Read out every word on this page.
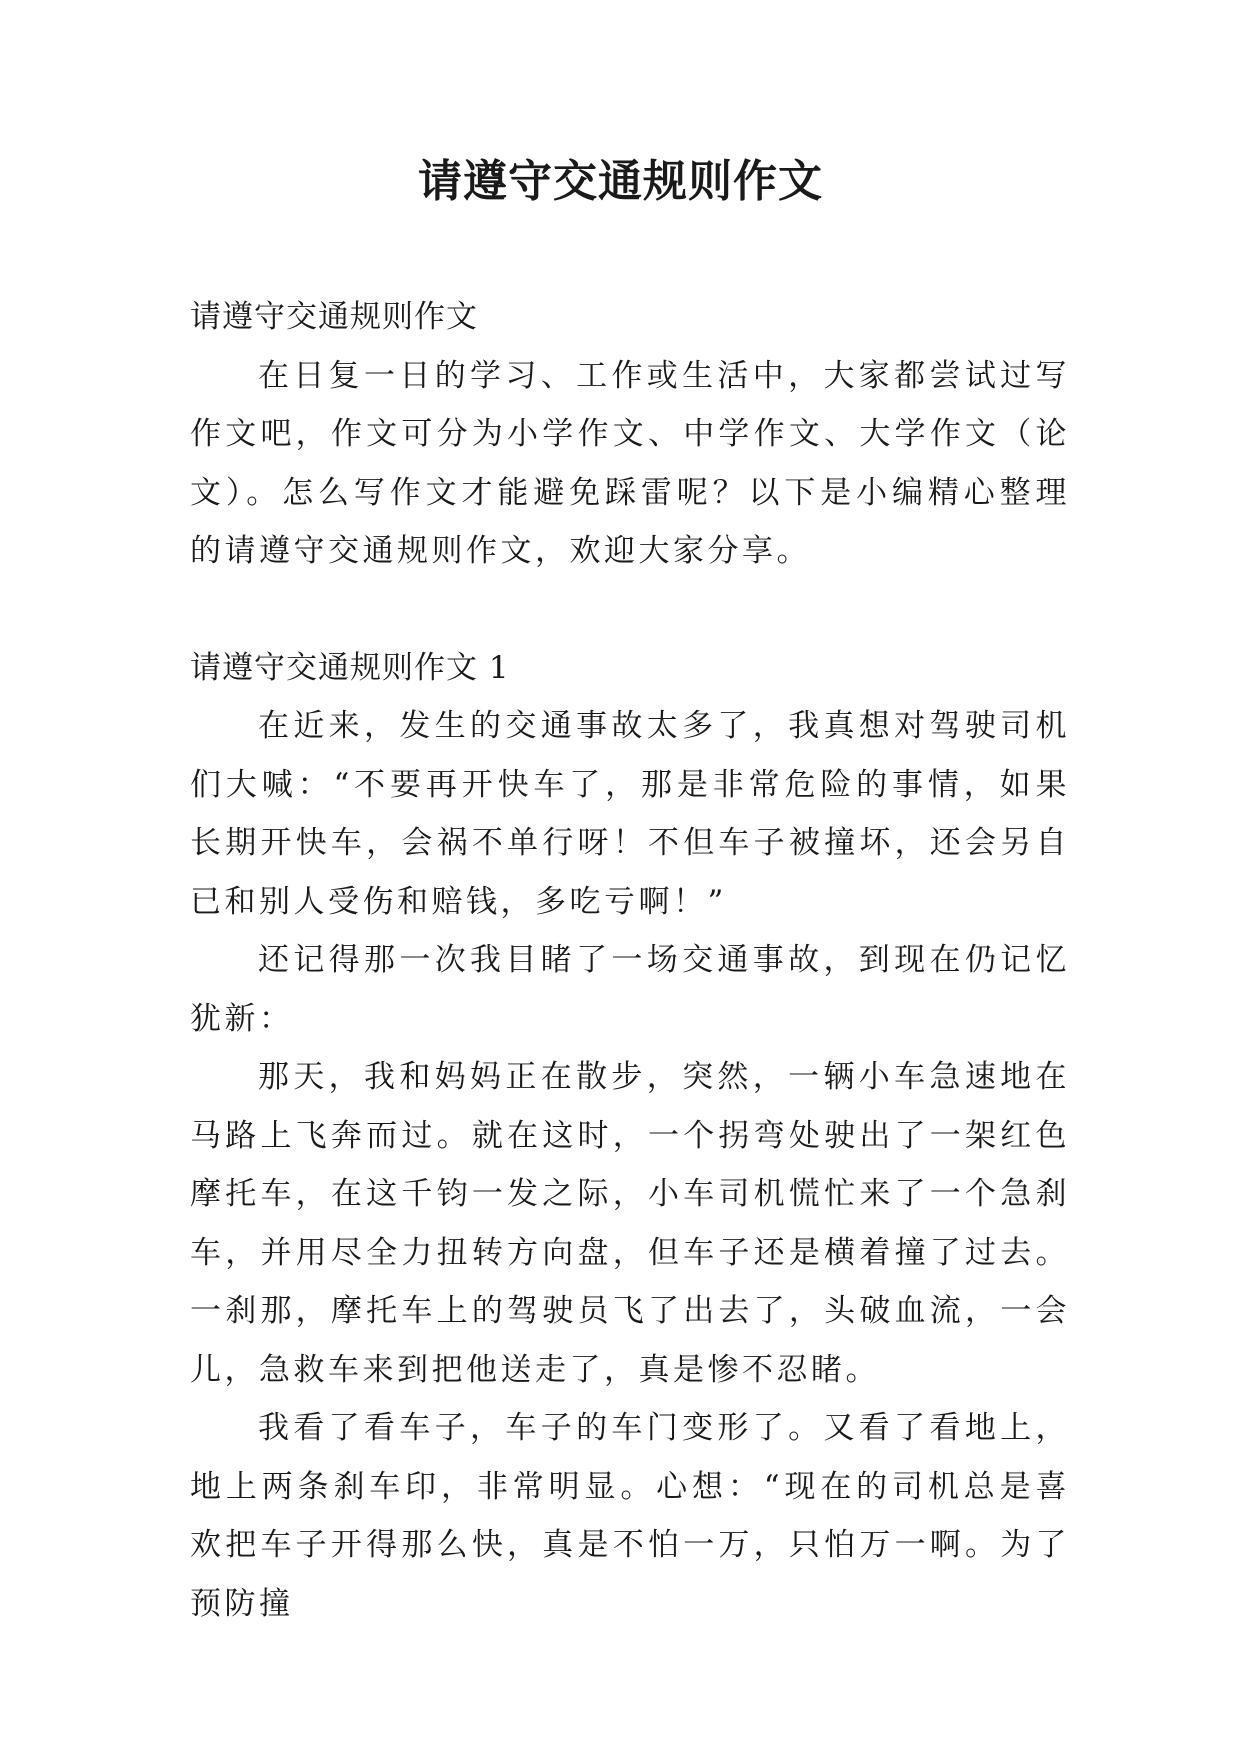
请遵守交通规则作文

请遵守交通规则作文

在日复一日的学习、工作或生活中，大家都尝试过写作文吧，作文可分为小学作文、中学作文、大学作文（论文）。怎么写作文才能避免踩雷呢？以下是小编精心整理的请遵守交通规则作文，欢迎大家分享。

请遵守交通规则作文 1

在近来，发生的交通事故太多了，我真想对驾驶司机们大喊：“不要再开快车了，那是非常危险的事情，如果长期开快车，会祸不单行呀！不但车子被撞坏，还会另自已和别人受伤和赔钱，多吃亏啊！”

还记得那一次我目睹了一场交通事故，到现在仍记忆犹新：

那天，我和妈妈正在散步，突然，一辆小车急速地在马路上飞奔而过。就在这时，一个拐弯处驶出了一架红色摩托车，在这千钧一发之际，小车司机慌忙来了一个急刹车，并用尽全力扭转方向盘，但车子还是横着撞了过去。一刹那，摩托车上的驾驶员飞了出去了，头破血流，一会儿，急救车来到把他送走了，真是惨不忍睹。

我看了看车子，车子的车门变形了。又看了看地上，地上两条刹车印，非常明显。心想：“现在的司机总是喜欢把车子开得那么快，真是不怕一万，只怕万一啊。为了预防撞
